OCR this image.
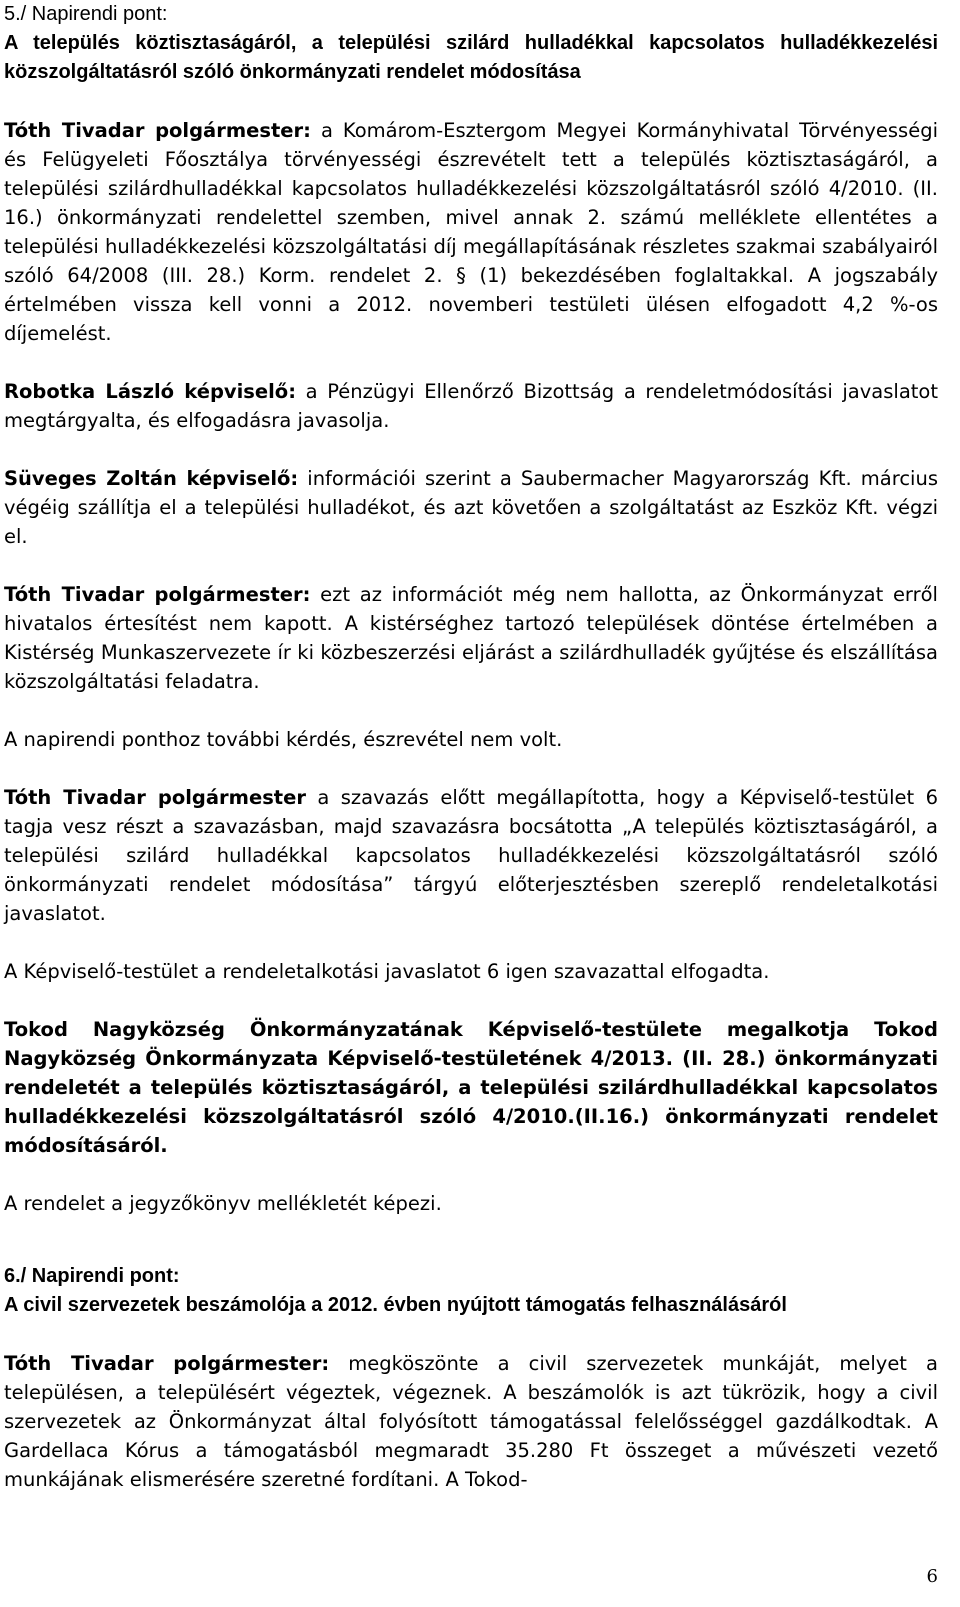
5./ Napirendi pont:

A település köztisztaságáról, a települési szilárd hulladékkal kapcsolatos hulladékkezelési közszolgáltatásról szóló önkormányzati rendelet módosítása

Tóth Tivadar polgármester: a Komárom-Esztergom Megyei Kormányhivatal Törvényességi és Felügyeleti Főosztálya törvényességi észrevételt tett a település köztisztaságáról, a települési szilárdhulladékkal kapcsolatos hulladékkezelési közszolgáltatásról szóló 4/2010. (II. 16.) önkormányzati rendelettel szemben, mivel annak 2. számú melléklete ellentétes a települési hulladékkezelési közszolgáltatási díj megállapításának részletes szakmai szabályairól szóló 64/2008 (III. 28.) Korm. rendelet 2. § (1) bekezdésében foglaltakkal. A jogszabály értelmében vissza kell vonni a 2012. novemberi testületi ülésen elfogadott 4,2 %-os díjemelést.

Robotka László képviselő: a Pénzügyi Ellenőrző Bizottság a rendeletmódosítási javaslatot megtárgyalta, és elfogadásra javasolja.

Süveges Zoltán képviselő: információi szerint a Saubermacher Magyarország Kft. március végéig szállítja el a települési hulladékot, és azt követően a szolgáltatást az Eszköz Kft. végzi el.

Tóth Tivadar polgármester: ezt az információt még nem hallotta, az Önkormányzat erről hivatalos értesítést nem kapott. A kistérséghez tartozó települések döntése értelmében a Kistérség Munkaszervezete ír ki közbeszerzési eljárást a szilárdhulladék gyűjtése és elszállítása közszolgáltatási feladatra.

A napirendi ponthoz további kérdés, észrevétel nem volt.

Tóth Tivadar polgármester a szavazás előtt megállapította, hogy a Képviselő-testület 6 tagja vesz részt a szavazásban, majd szavazásra bocsátotta „A település köztisztaságáról, a települési szilárd hulladékkal kapcsolatos hulladékkezelési közszolgáltatásról szóló önkormányzati rendelet módosítása” tárgyú előterjesztésben szereplő rendeletalkotási javaslatot.

A Képviselő-testület a rendeletalkotási javaslatot 6 igen szavazattal elfogadta.

Tokod Nagyközség Önkormányzatának Képviselő-testülete megalkotja Tokod Nagyközség Önkormányzata Képviselő-testületének 4/2013. (II. 28.) önkormányzati rendeletét a település köztisztaságáról, a települési szilárdhulladékkal kapcsolatos hulladékkezelési közszolgáltatásról szóló 4/2010.(II.16.) önkormányzati rendelet módosításáról.

A rendelet a jegyzőkönyv mellékletét képezi.

6./ Napirendi pont:

A civil szervezetek beszámolója a 2012. évben nyújtott támogatás felhasználásáról

Tóth Tivadar polgármester: megköszönte a civil szervezetek munkáját, melyet a településen, a településért végeztek, végeznek. A beszámolók is azt tükrözik, hogy a civil szervezetek az Önkormányzat által folyósított támogatással felelősséggel gazdálkodtak. A Gardellaca Kórus a támogatásból megmaradt 35.280 Ft összeget a művészeti vezető munkájának elismerésére szeretné fordítani. A Tokod-

6
